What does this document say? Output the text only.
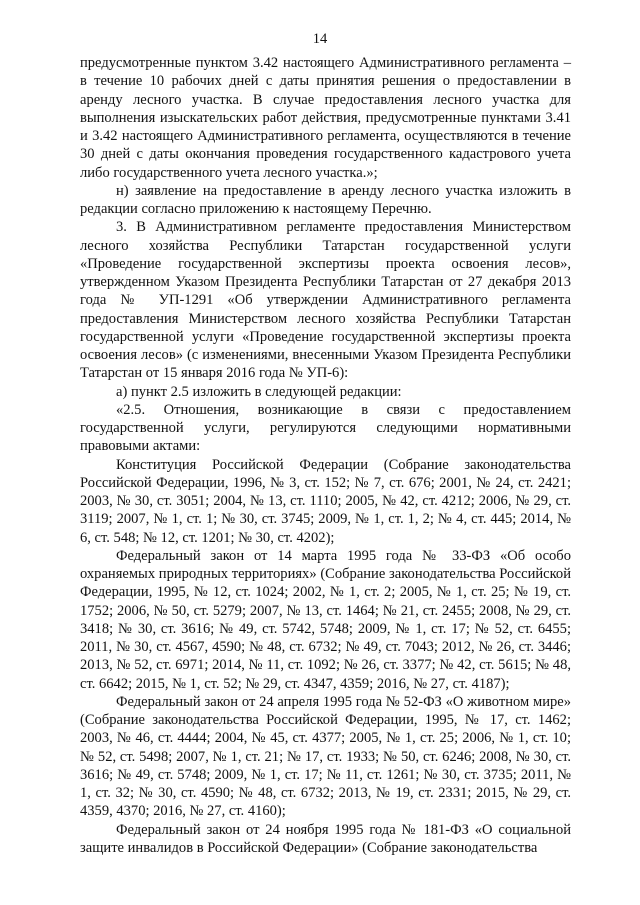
14

предусмотренные пунктом 3.42 настоящего Административного регламента – в течение 10 рабочих дней с даты принятия решения о предоставлении в аренду лесного участка. В случае предоставления лесного участка для выполнения изыскательских работ действия, предусмотренные пунктами 3.41 и 3.42 настоящего Административного регламента, осуществляются в течение 30 дней с даты окончания проведения государственного кадастрового учета либо государственного учета лесного участка.»;

н) заявление на предоставление в аренду лесного участка изложить в редакции согласно приложению к настоящему Перечню.

3. В Административном регламенте предоставления Министерством лесного хозяйства Республики Татарстан государственной услуги «Проведение государственной экспертизы проекта освоения лесов», утвержденном Указом Президента Республики Татарстан от 27 декабря 2013 года № УП-1291 «Об утверждении Административного регламента предоставления Министерством лесного хозяйства Республики Татарстан государственной услуги «Проведение государственной экспертизы проекта освоения лесов» (с изменениями, внесенными Указом Президента Республики Татарстан от 15 января 2016 года № УП-6):

а) пункт 2.5 изложить в следующей редакции:

«2.5. Отношения, возникающие в связи с предоставлением государственной услуги, регулируются следующими нормативными правовыми актами:

Конституция Российской Федерации (Собрание законодательства Российской Федерации, 1996, № 3, ст. 152; № 7, ст. 676; 2001, № 24, ст. 2421; 2003, № 30, ст. 3051; 2004, № 13, ст. 1110; 2005, № 42, ст. 4212; 2006, № 29, ст. 3119; 2007, № 1, ст. 1; № 30, ст. 3745; 2009, № 1, ст. 1, 2; № 4, ст. 445; 2014, № 6, ст. 548; № 12, ст. 1201; № 30, ст. 4202);

Федеральный закон от 14 марта 1995 года № 33-ФЗ «Об особо охраняемых природных территориях» (Собрание законодательства Российской Федерации, 1995, № 12, ст. 1024; 2002, № 1, ст. 2; 2005, № 1, ст. 25; № 19, ст. 1752; 2006, № 50, ст. 5279; 2007, № 13, ст. 1464; № 21, ст. 2455; 2008, № 29, ст. 3418; № 30, ст. 3616; № 49, ст. 5742, 5748; 2009, № 1, ст. 17; № 52, ст. 6455; 2011, № 30, ст. 4567, 4590; № 48, ст. 6732; № 49, ст. 7043; 2012, № 26, ст. 3446; 2013, № 52, ст. 6971; 2014, № 11, ст. 1092; № 26, ст. 3377; № 42, ст. 5615; № 48, ст. 6642; 2015, № 1, ст. 52; № 29, ст. 4347, 4359; 2016, № 27, ст. 4187);

Федеральный закон от 24 апреля 1995 года № 52-ФЗ «О животном мире» (Собрание законодательства Российской Федерации, 1995, № 17, ст. 1462; 2003, № 46, ст. 4444; 2004, № 45, ст. 4377; 2005, № 1, ст. 25; 2006, № 1, ст. 10; № 52, ст. 5498; 2007, № 1, ст. 21; № 17, ст. 1933; № 50, ст. 6246; 2008, № 30, ст. 3616; № 49, ст. 5748; 2009, № 1, ст. 17; № 11, ст. 1261; № 30, ст. 3735; 2011, № 1, ст. 32; № 30, ст. 4590; № 48, ст. 6732; 2013, № 19, ст. 2331; 2015, № 29, ст. 4359, 4370; 2016, № 27, ст. 4160);

Федеральный закон от 24 ноября 1995 года № 181-ФЗ «О социальной защите инвалидов в Российской Федерации» (Собрание законодательства
